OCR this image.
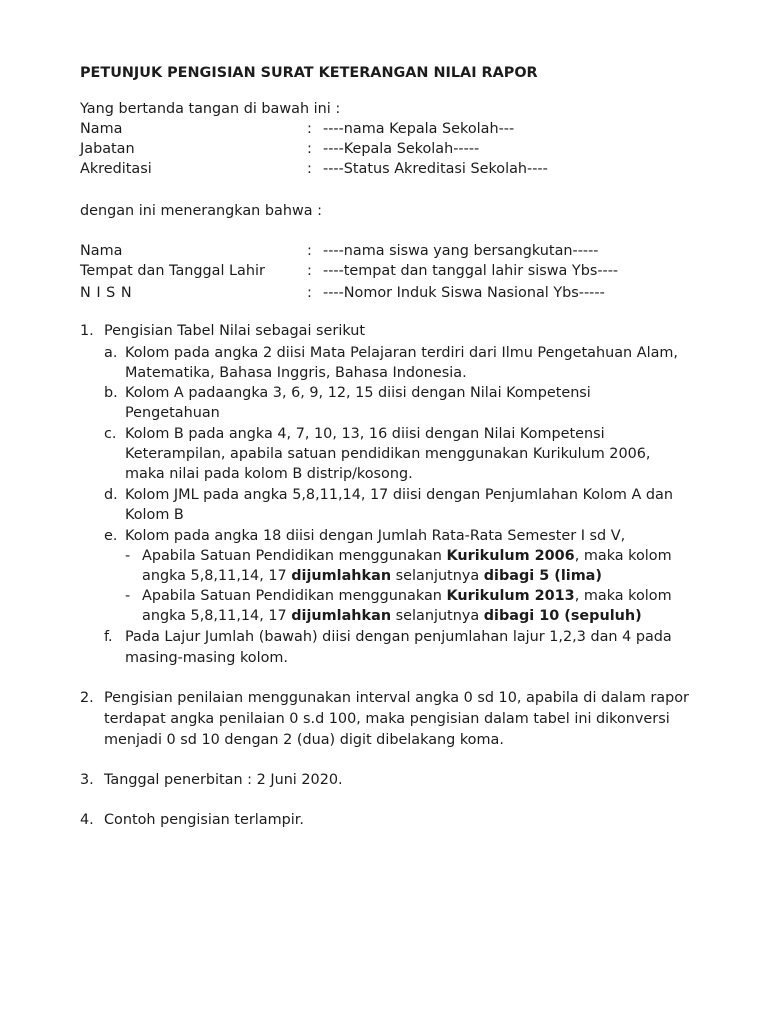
PETUNJUK PENGISIAN SURAT KETERANGAN NILAI RAPOR
Yang bertanda tangan di bawah ini :
Nama	: ----nama Kepala Sekolah---
Jabatan	: ----Kepala Sekolah-----
Akreditasi	: ----Status Akreditasi Sekolah----
dengan ini menerangkan bahwa :
Nama	: ----nama siswa yang bersangkutan-----
Tempat dan Tanggal Lahir	: ----tempat dan tanggal lahir siswa Ybs----
N I S N	: ----Nomor Induk Siswa Nasional Ybs-----
1. Pengisian Tabel Nilai sebagai serikut
a. Kolom pada angka 2 diisi Mata Pelajaran terdiri dari Ilmu Pengetahuan Alam,
Matematika, Bahasa Inggris, Bahasa Indonesia.
b. Kolom A padaangka 3, 6, 9, 12, 15 diisi dengan Nilai Kompetensi
Pengetahuan
c. Kolom B pada angka 4, 7, 10, 13, 16 diisi dengan Nilai Kompetensi
Keterampilan, apabila satuan pendidikan menggunakan Kurikulum 2006,
maka nilai pada kolom B distrip/kosong.
d. Kolom JML pada angka 5,8,11,14, 17 diisi dengan Penjumlahan Kolom A dan
Kolom B
e. Kolom pada angka 18 diisi dengan Jumlah Rata-Rata Semester I sd V,
- Apabila Satuan Pendidikan menggunakan Kurikulum 2006, maka kolom
angka 5,8,11,14, 17 dijumlahkan selanjutnya dibagi 5 (lima)
- Apabila Satuan Pendidikan menggunakan Kurikulum 2013, maka kolom
angka 5,8,11,14, 17 dijumlahkan selanjutnya dibagi 10 (sepuluh)
f. Pada Lajur Jumlah (bawah) diisi dengan penjumlahan lajur 1,2,3 dan 4 pada
masing-masing kolom.
2. Pengisian penilaian menggunakan interval angka 0 sd 10, apabila di dalam rapor
terdapat angka penilaian 0 s.d 100, maka pengisian dalam tabel ini dikonversi
menjadi 0 sd 10 dengan 2 (dua) digit dibelakang koma.
3. Tanggal penerbitan : 2 Juni 2020.
4. Contoh pengisian terlampir.
